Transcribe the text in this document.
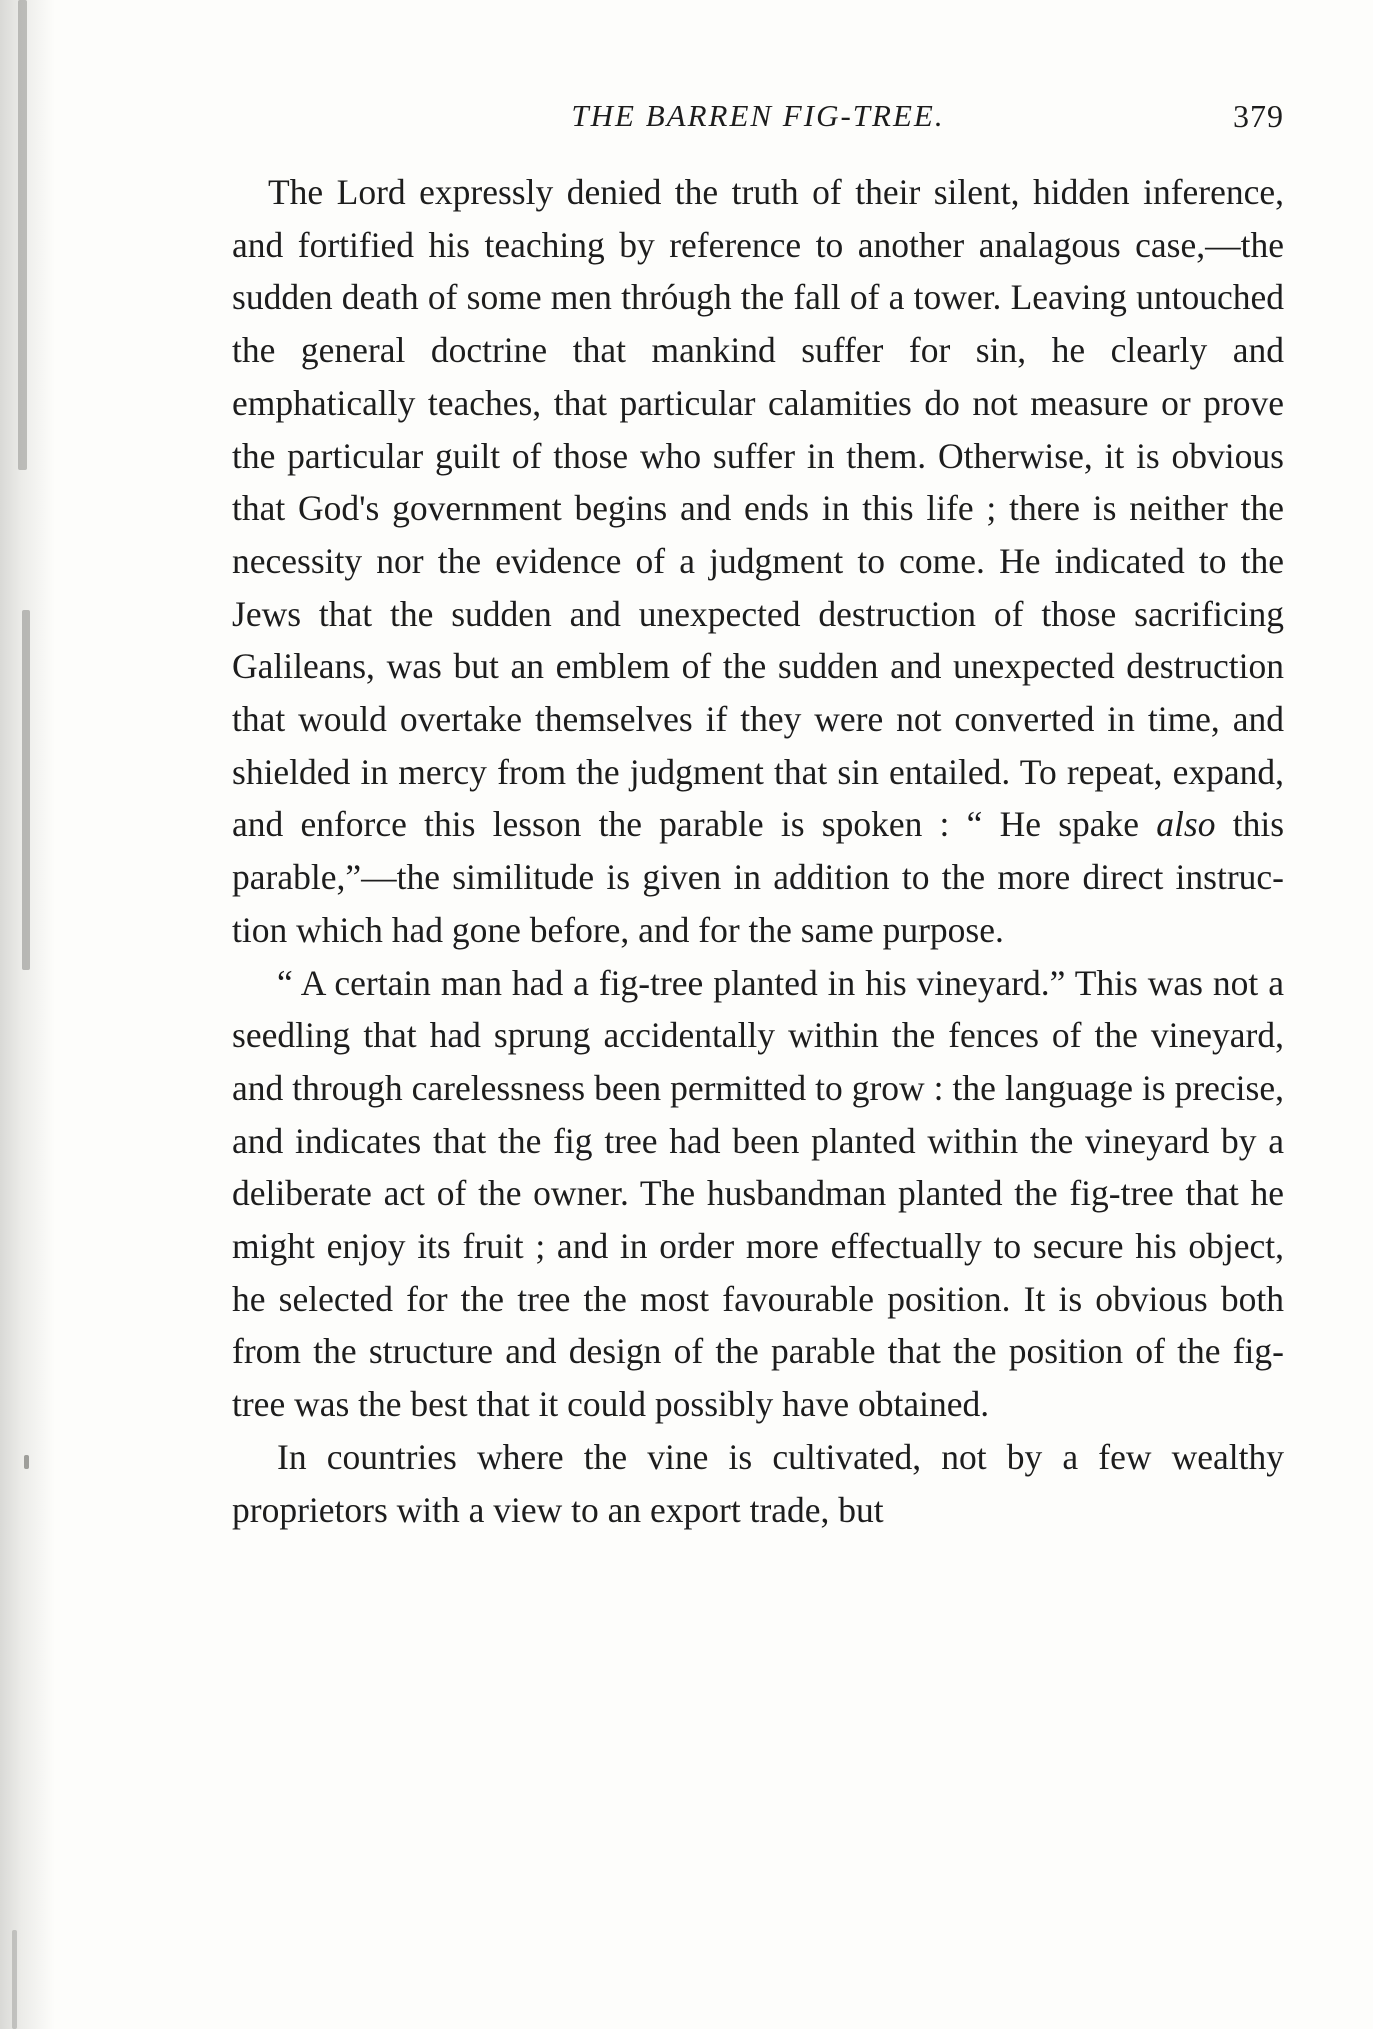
THE BARREN FIG-TREE.	379

The Lord expressly denied the truth of their silent, hidden inference, and fortified his teaching by reference to another analagous case,—the sudden death of some men thróugh the fall of a tower. Leaving untouched the general doctrine that mankind suffer for sin, he clearly and emphatically teaches, that particular calamities do not measure or prove the particular guilt of those who suffer in them. Otherwise, it is obvious that God's government begins and ends in this life ; there is neither the necessity nor the evidence of a judgment to come. He indicated to the Jews that the sudden and unexpected destruction of those sacrificing Galileans, was but an emblem of the sudden and unexpected destruction that would overtake themselves if they were not converted in time, and shielded in mercy from the judgment that sin entailed. To repeat, expand, and enforce this lesson the parable is spoken : “ He spake also this parable,”—the similitude is given in addition to the more direct instruction which had gone before, and for the same purpose.

“ A certain man had a fig-tree planted in his vineyard.” This was not a seedling that had sprung accidentally within the fences of the vineyard, and through carelessness been permitted to grow : the language is precise, and indicates that the fig tree had been planted within the vineyard by a deliberate act of the owner. The husbandman planted the fig-tree that he might enjoy its fruit ; and in order more effectually to secure his object, he selected for the tree the most favourable position. It is obvious both from the structure and design of the parable that the position of the fig-tree was the best that it could possibly have obtained.

In countries where the vine is cultivated, not by a few wealthy proprietors with a view to an export trade, but
